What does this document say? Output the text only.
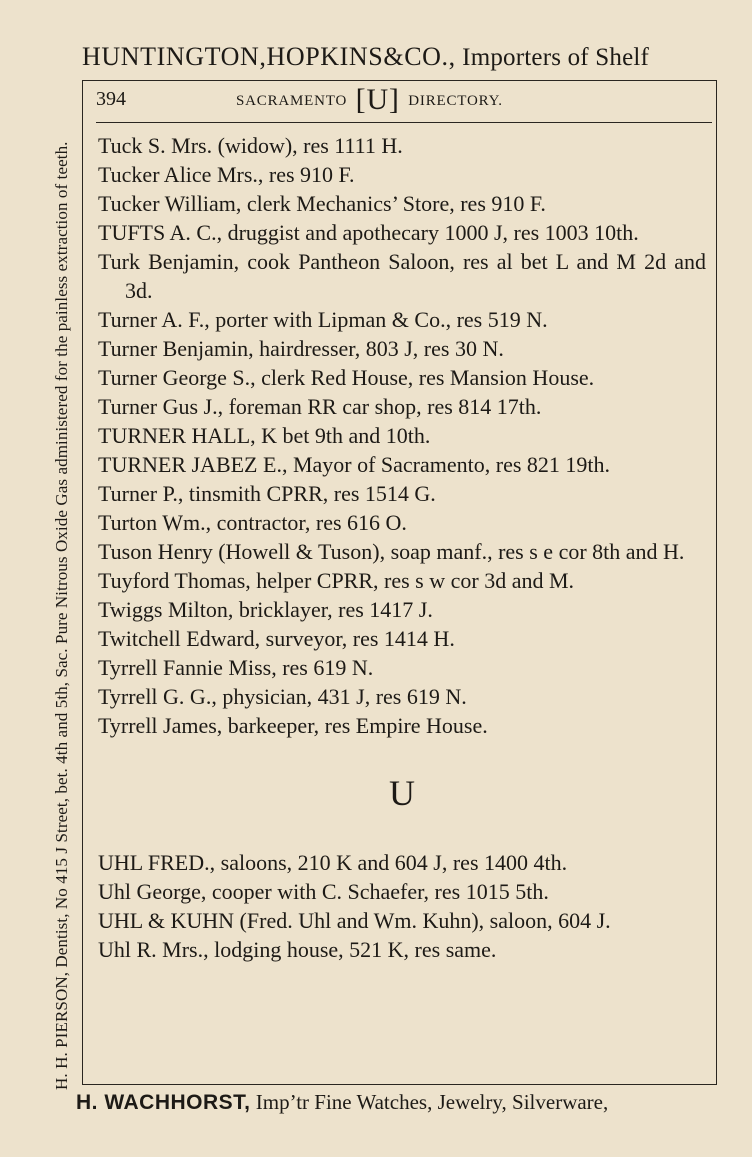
HUNTINGTON,HOPKINS&CO., Importers of Shelf
H. H. PIERSON, Dentist, No 415 J Street, bet. 4th and 5th, Sac. Pure Nitrous Oxide Gas administered for the painless extraction of teeth.
394	SACRAMENTO [U] DIRECTORY.
Tuck S. Mrs. (widow), res 1111 H.
Tucker Alice Mrs., res 910 F.
Tucker William, clerk Mechanics’ Store, res 910 F.
TUFTS A. C., druggist and apothecary 1000 J, res 1003 10th.
Turk Benjamin, cook Pantheon Saloon, res al bet L and M 2d and 3d.
Turner A. F., porter with Lipman & Co., res 519 N.
Turner Benjamin, hairdresser, 803 J, res 30 N.
Turner George S., clerk Red House, res Mansion House.
Turner Gus J., foreman RR car shop, res 814 17th.
TURNER HALL, K bet 9th and 10th.
TURNER JABEZ E., Mayor of Sacramento, res 821 19th.
Turner P., tinsmith CPRR, res 1514 G.
Turton Wm., contractor, res 616 O.
Tuson Henry (Howell & Tuson), soap manf., res s e cor 8th and H.
Tuyford Thomas, helper CPRR, res s w cor 3d and M.
Twiggs Milton, bricklayer, res 1417 J.
Twitchell Edward, surveyor, res 1414 H.
Tyrrell Fannie Miss, res 619 N.
Tyrrell G. G., physician, 431 J, res 619 N.
Tyrrell James, barkeeper, res Empire House.
U
UHL FRED., saloons, 210 K and 604 J, res 1400 4th.
Uhl George, cooper with C. Schaefer, res 1015 5th.
UHL & KUHN (Fred. Uhl and Wm. Kuhn), saloon, 604 J.
Uhl R. Mrs., lodging house, 521 K, res same.
H. WACHHORST, Imp’tr Fine Watches, Jewelry, Silverware,
